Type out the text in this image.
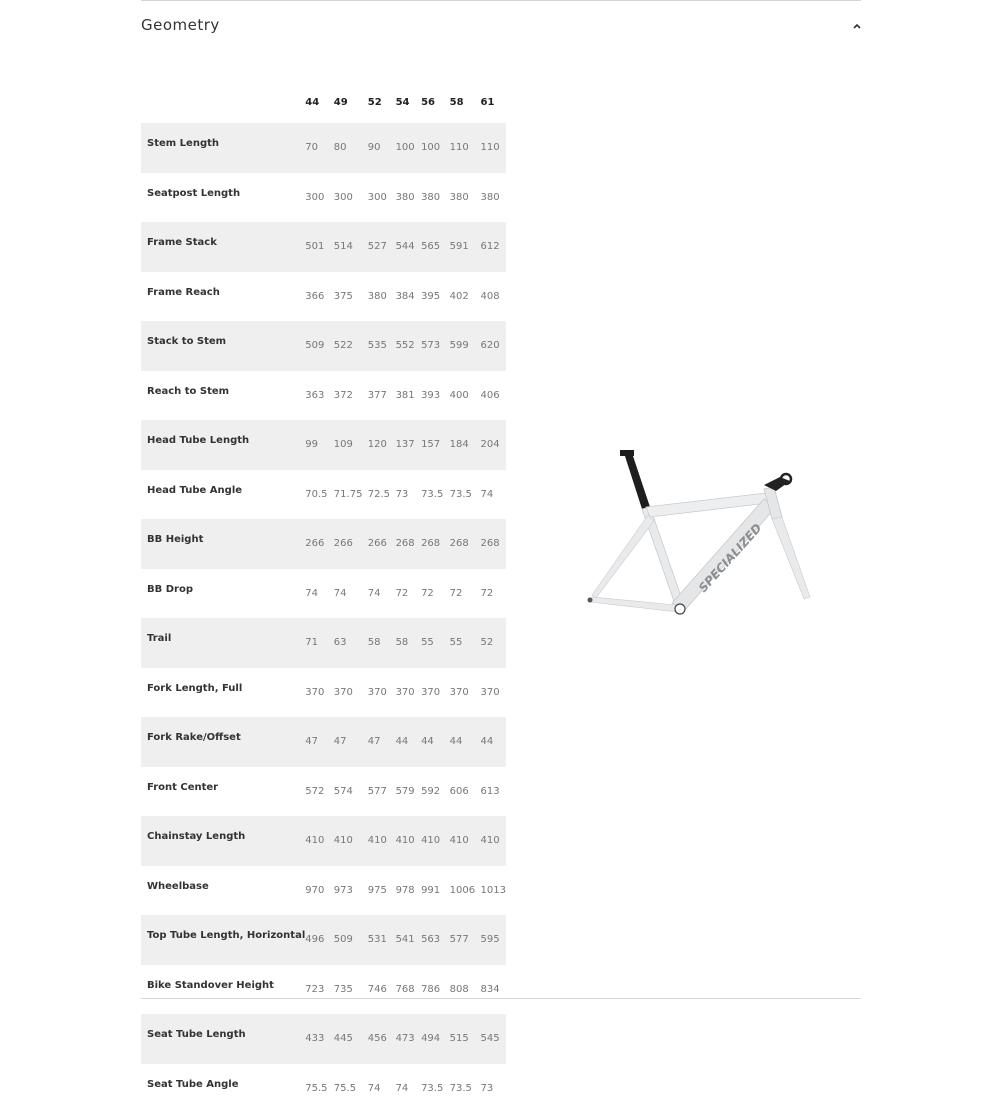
Geometry
	44	49	52	54	56	58	61
Stem Length	70	80	90	100	100	110	110
Seatpost Length	300	300	300	380	380	380	380
Frame Stack	501	514	527	544	565	591	612
Frame Reach	366	375	380	384	395	402	408
Stack to Stem	509	522	535	552	573	599	620
Reach to Stem	363	372	377	381	393	400	406
Head Tube Length	99	109	120	137	157	184	204
Head Tube Angle	70.5	71.75	72.5	73	73.5	73.5	74
BB Height	266	266	266	268	268	268	268
BB Drop	74	74	74	72	72	72	72
Trail	71	63	58	58	55	55	52
Fork Length, Full	370	370	370	370	370	370	370
Fork Rake/Offset	47	47	47	44	44	44	44
Front Center	572	574	577	579	592	606	613
Chainstay Length	410	410	410	410	410	410	410
Wheelbase	970	973	975	978	991	1006	1013
Top Tube Length, Horizontal	496	509	531	541	563	577	595
Bike Standover Height	723	735	746	768	786	808	834
Seat Tube Length	433	445	456	473	494	515	545
Seat Tube Angle	75.5	75.5	74	74	73.5	73.5	73
SPECIALIZED
